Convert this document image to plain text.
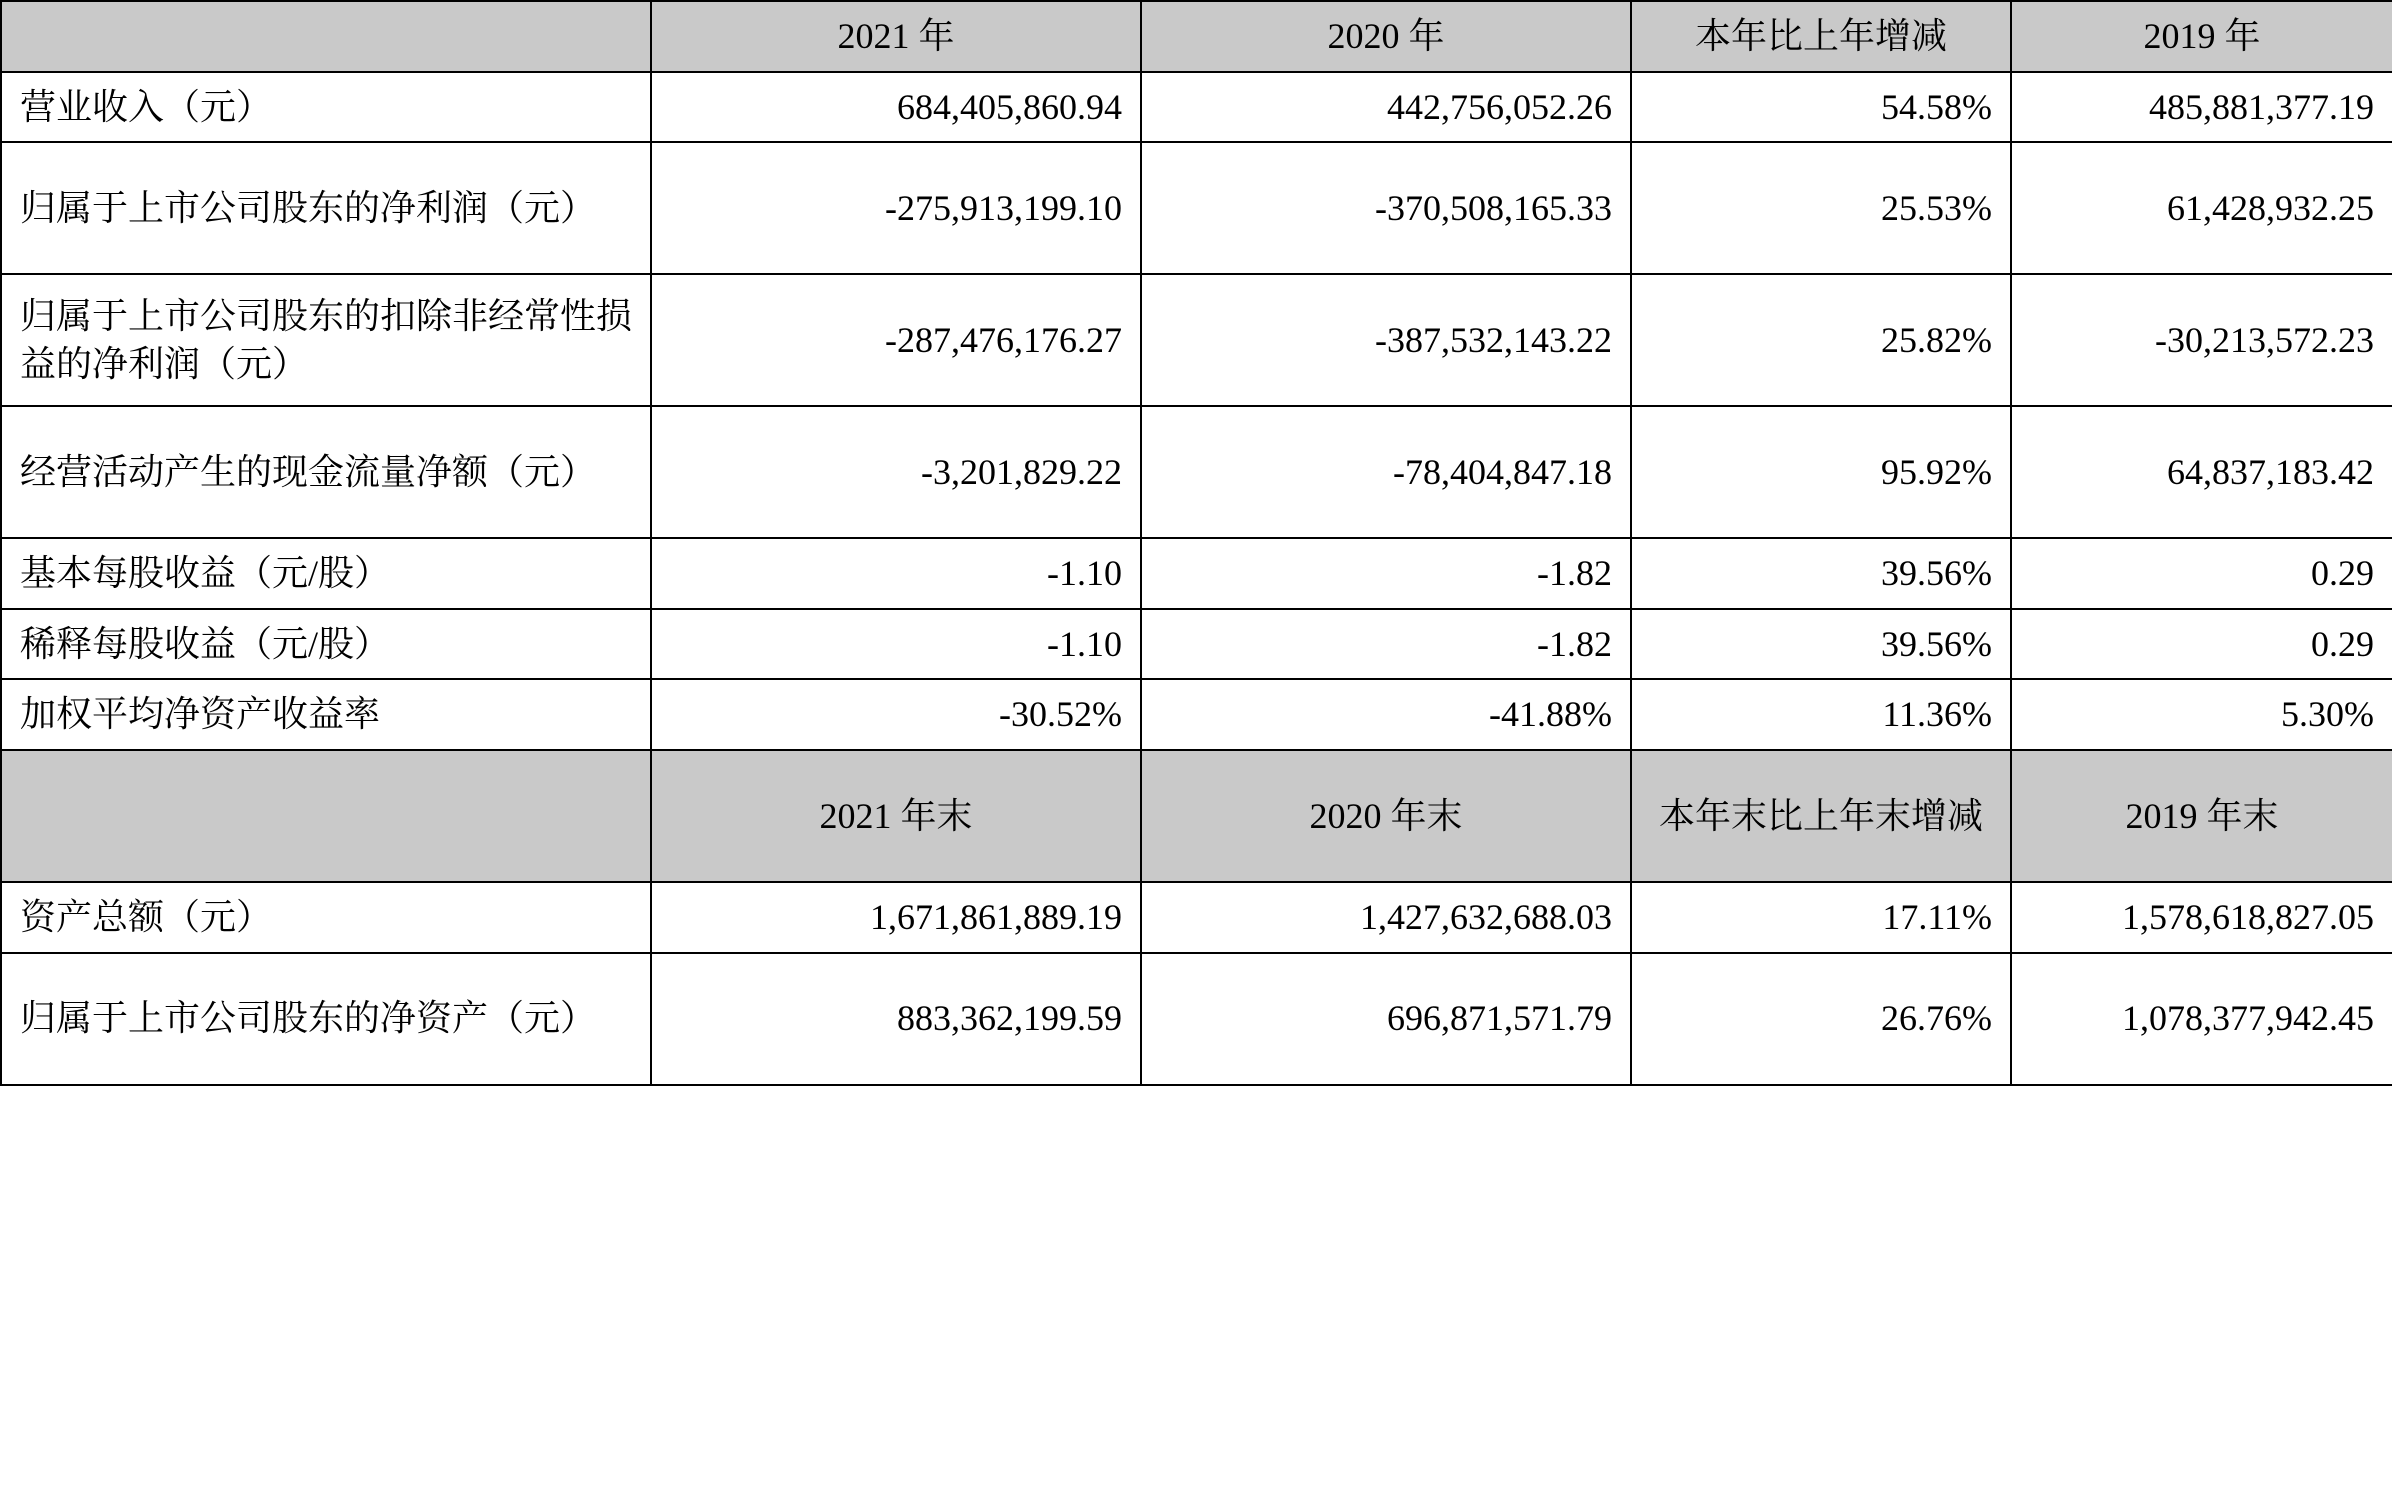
	2021 年	2020 年	本年比上年增减	2019 年
营业收入（元）	684,405,860.94	442,756,052.26	54.58%	485,881,377.19
归属于上市公司股东的净利润（元）	-275,913,199.10	-370,508,165.33	25.53%	61,428,932.25
归属于上市公司股东的扣除非经常性损益的净利润（元）	-287,476,176.27	-387,532,143.22	25.82%	-30,213,572.23
经营活动产生的现金流量净额（元）	-3,201,829.22	-78,404,847.18	95.92%	64,837,183.42
基本每股收益（元/股）	-1.10	-1.82	39.56%	0.29
稀释每股收益（元/股）	-1.10	-1.82	39.56%	0.29
加权平均净资产收益率	-30.52%	-41.88%	11.36%	5.30%
	2021 年末	2020 年末	本年末比上年末增减	2019 年末
资产总额（元）	1,671,861,889.19	1,427,632,688.03	17.11%	1,578,618,827.05
归属于上市公司股东的净资产（元）	883,362,199.59	696,871,571.79	26.76%	1,078,377,942.45
